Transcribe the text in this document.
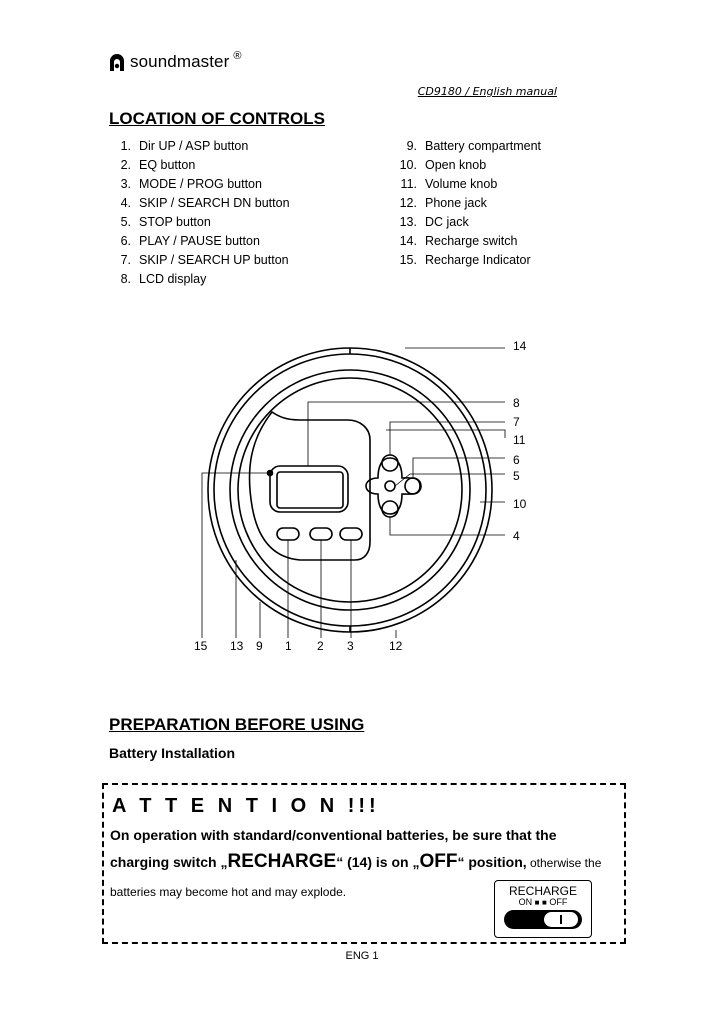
soundmaster ®
CD9180 / English manual
LOCATION OF CONTROLS
1. Dir UP / ASP button
2. EQ button
3. MODE / PROG button
4. SKIP / SEARCH DN button
5. STOP button
6. PLAY / PAUSE button
7. SKIP / SEARCH UP button
8. LCD display
9. Battery compartment
10. Open knob
11. Volume knob
12. Phone jack
13. DC jack
14. Recharge switch
15. Recharge Indicator
14
8
7
11
6
5
10
4
15 13 9 1 2 3	12
PREPARATION BEFORE USING
Battery Installation
A T T E N T I O N !!!
On operation with standard/conventional batteries, be sure that the
charging switch „RECHARGE“ (14) is on „OFF“ position, otherwise the
batteries may become hot and may explode.	RECHARGE
ON ■ ■ OFF
ENG 1
